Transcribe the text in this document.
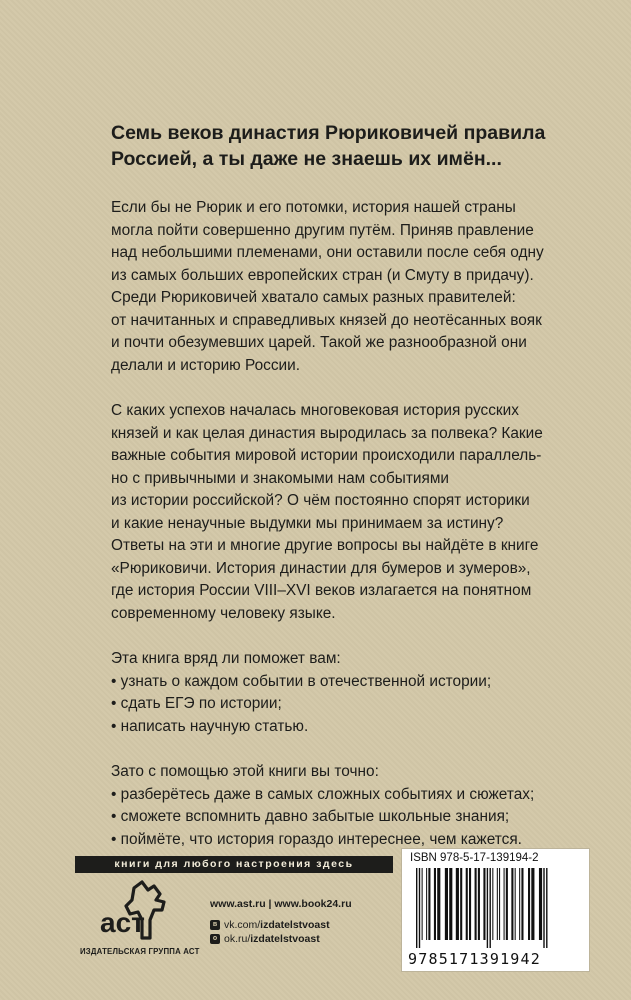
Семь веков династия Рюриковичей правила
Россией, а ты даже не знаешь их имён...

Если бы не Рюрик и его потомки, история нашей страны
могла пойти совершенно другим путём. Приняв правление
над небольшими племенами, они оставили после себя одну
из самых больших европейских стран (и Смуту в придачу).
Среди Рюриковичей хватало самых разных правителей:
от начитанных и справедливых князей до неотёсанных вояк
и почти обезумевших царей. Такой же разнообразной они
делали и историю России.

С каких успехов началась многовековая история русских
князей и как целая династия выродилась за полвека? Какие
важные события мировой истории происходили параллель-
но с привычными и знакомыми нам событиями
из истории российской? О чём постоянно спорят историки
и какие ненаучные выдумки мы принимаем за истину?
Ответы на эти и многие другие вопросы вы найдёте в книге
«Рюриковичи. История династии для бумеров и зумеров»,
где история России VIII–XVI веков излагается на понятном
современному человеку языке.

Эта книга вряд ли поможет вам:
• узнать о каждом событии в отечественной истории;
• сдать ЕГЭ по истории;
• написать научную статью.
Зато с помощью этой книги вы точно:
• разберётесь даже в самых сложных событиях и сюжетах;
• сможете вспомнить давно забытые школьные знания;
• поймёте, что история гораздо интереснее, чем кажется.
книги для любого настроения здесь
аст
ИЗДАТЕЛЬСКАЯ ГРУППА АСТ
www.ast.ru | www.book24.ru
в vk.com/ izdatelstvoast
о ok.ru/ izdatelstvoast
ISBN 978-5-17-139194-2
9785171391942
